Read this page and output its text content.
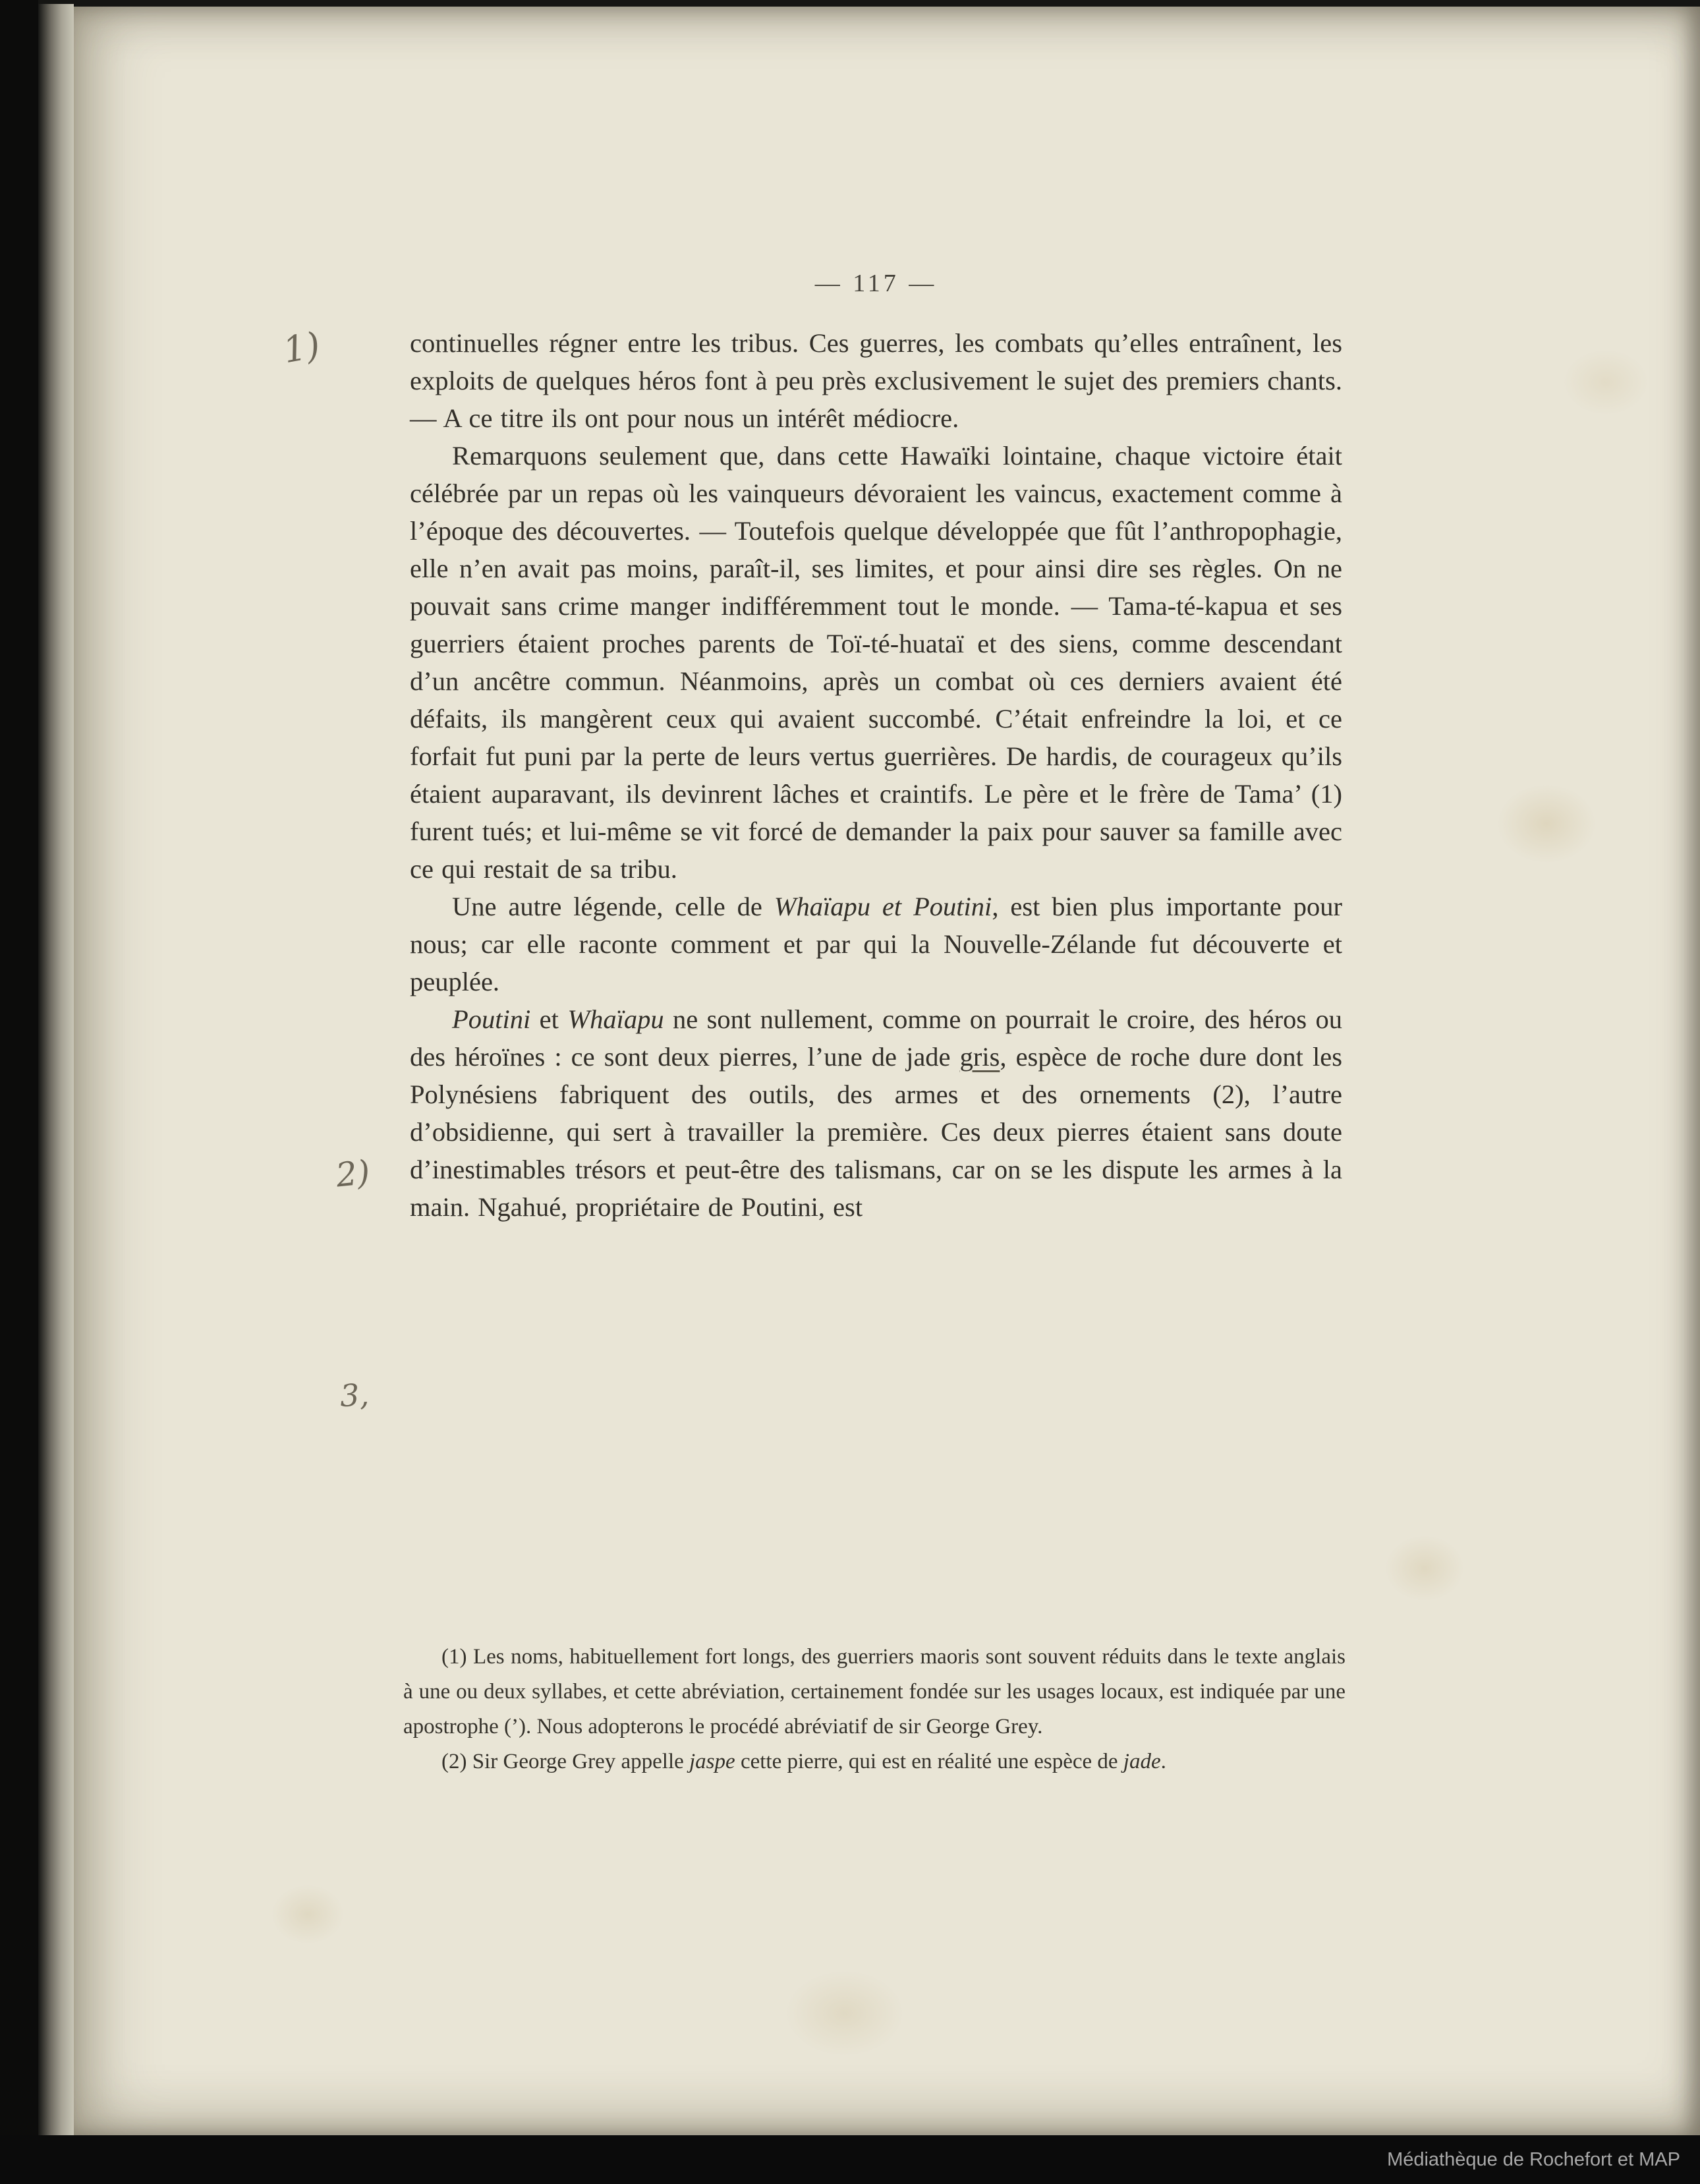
— 117 —

continuelles régner entre les tribus. Ces guerres, les combats qu’elles entraînent, les exploits de quelques héros font à peu près exclusivement le sujet des premiers chants. — A ce titre ils ont pour nous un intérêt médiocre.

Remarquons seulement que, dans cette Hawaïki lointaine, chaque victoire était célébrée par un repas où les vainqueurs dévoraient les vaincus, exactement comme à l’époque des découvertes. — Toutefois quelque développée que fût l’anthropophagie, elle n’en avait pas moins, paraît-il, ses limites, et pour ainsi dire ses règles. On ne pouvait sans crime manger indifféremment tout le monde. — Tama-té-kapua et ses guerriers étaient proches parents de Toï-té-huataï et des siens, comme descendant d’un ancêtre commun. Néanmoins, après un combat où ces derniers avaient été défaits, ils mangèrent ceux qui avaient succombé. C’était enfreindre la loi, et ce forfait fut puni par la perte de leurs vertus guerrières. De hardis, de courageux qu’ils étaient auparavant, ils devinrent lâches et craintifs. Le père et le frère de Tama’ (1) furent tués; et lui-même se vit forcé de demander la paix pour sauver sa famille avec ce qui restait de sa tribu.

Une autre légende, celle de Whaïapu et Poutini, est bien plus importante pour nous; car elle raconte comment et par qui la Nouvelle-Zélande fut découverte et peuplée.

Poutini et Whaïapu ne sont nullement, comme on pourrait le croire, des héros ou des héroïnes : ce sont deux pierres, l’une de jade gris, espèce de roche dure dont les Polynésiens fabriquent des outils, des armes et des ornements (2), l’autre d’obsidienne, qui sert à travailler la première. Ces deux pierres étaient sans doute d’inestimables trésors et peut-être des talismans, car on se les dispute les armes à la main. Ngahué, propriétaire de Poutini, est

(1) Les noms, habituellement fort longs, des guerriers maoris sont souvent réduits dans le texte anglais à une ou deux syllabes, et cette abréviation, certainement fondée sur les usages locaux, est indiquée par une apostrophe (’). Nous adopterons le procédé abréviatif de sir George Grey.

(2) Sir George Grey appelle jaspe cette pierre, qui est en réalité une espèce de jade.

1)
2)
3,
Médiathèque de Rochefort et MAP
